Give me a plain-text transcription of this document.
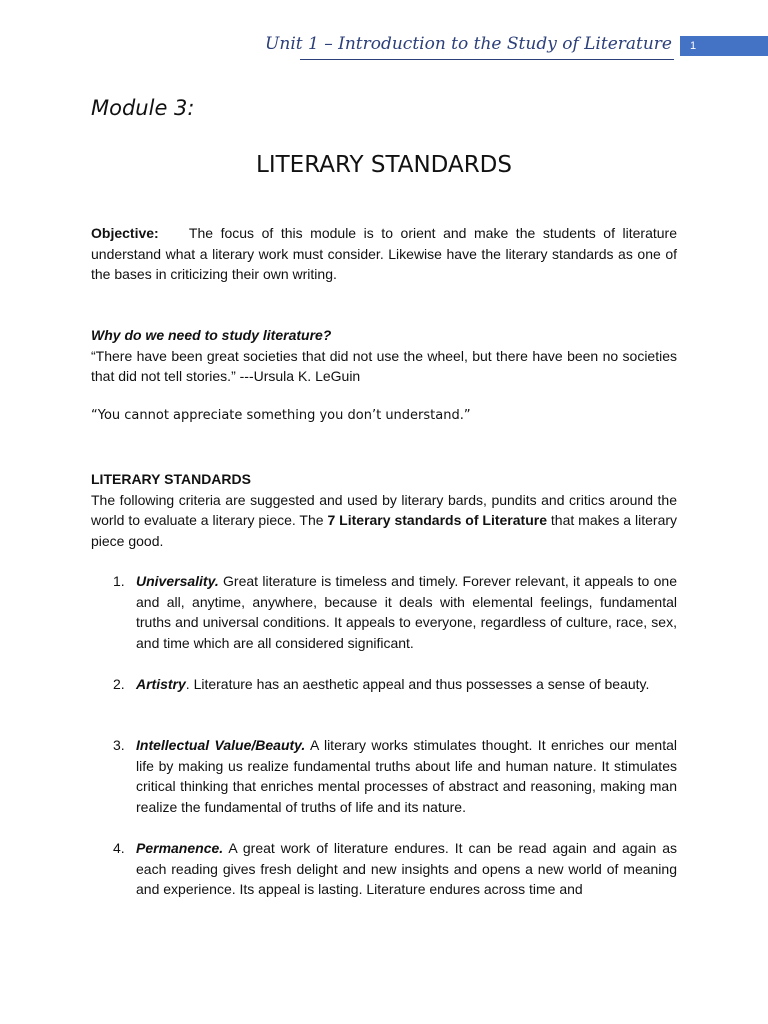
Unit 1 – Introduction to the Study of Literature	1
Module 3:
LITERARY STANDARDS

Objective: The focus of this module is to orient and make the students of literature understand what a literary work must consider. Likewise have the literary standards as one of the bases in criticizing their own writing.

Why do we need to study literature?

“There have been great societies that did not use the wheel, but there have been no societies that did not tell stories.” ---Ursula K. LeGuin

“You cannot appreciate something you don’t understand.”

LITERARY STANDARDS

The following criteria are suggested and used by literary bards, pundits and critics around the world to evaluate a literary piece. The 7 Literary standards of Literature that makes a literary piece good.

1. Universality. Great literature is timeless and timely. Forever relevant, it appeals to one and all, anytime, anywhere, because it deals with elemental feelings, fundamental truths and universal conditions. It appeals to everyone, regardless of culture, race, sex, and time which are all considered significant.
2. Artistry. Literature has an aesthetic appeal and thus possesses a sense of beauty.
3. Intellectual Value/Beauty. A literary works stimulates thought. It enriches our mental life by making us realize fundamental truths about life and human nature. It stimulates critical thinking that enriches mental processes of abstract and reasoning, making man realize the fundamental of truths of life and its nature.
4. Permanence. A great work of literature endures. It can be read again and again as each reading gives fresh delight and new insights and opens a new world of meaning and experience. Its appeal is lasting. Literature endures across time and
